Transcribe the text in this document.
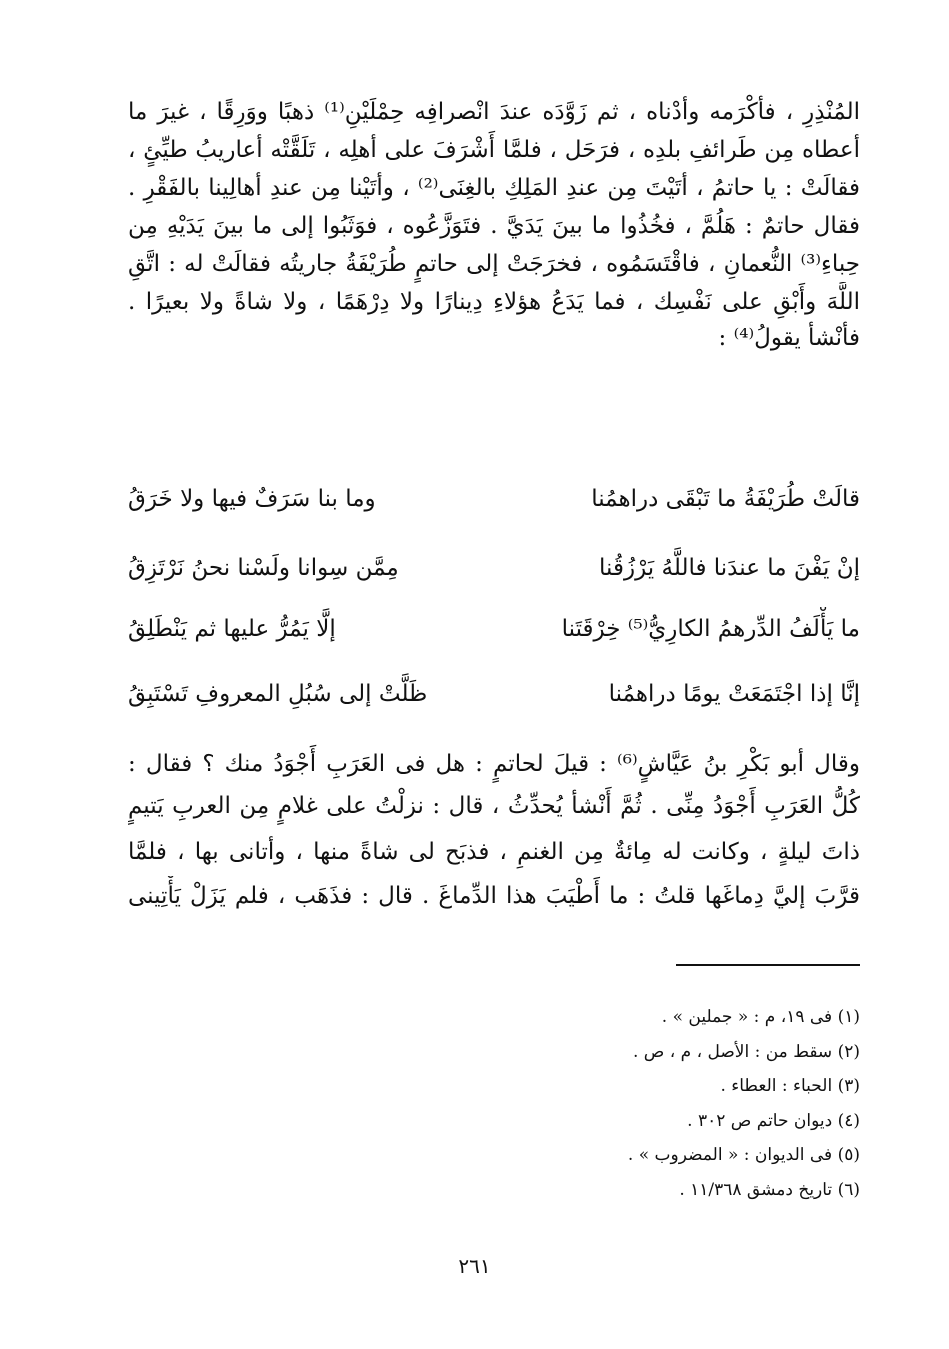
المُنْذِرِ ، فأكْرَمه وأدْناه ، ثم زَوَّدَه عندَ انْصرافِه حِمْلَيْنِ⁽¹⁾ ذهبًا ووَرِقًا ، غيرَ ما
أعطاه مِن طَرائفِ بلدِه ، فرَحَل ، فلمَّا أَشْرَفَ على أهلِه ، تَلَقَّتْه أعاريبُ طيِّئٍ ،
فقالَتْ : يا حاتمُ ، أتَيْتَ مِن عندِ المَلِكِ بالغِنَى⁽²⁾ ، وأتَيْنا مِن عندِ أهالِينا بالفَقْرِ .
فقال حاتمٌ : هَلُمَّ ، فخُذُوا ما بينَ يَدَيَّ . فتَوَزَّعُوه ، فوَثَبُوا إلى ما بينَ يَدَيْهِ مِن
حِباءِ⁽³⁾ النُّعمانِ ، فاقْتَسَمُوه ، فخرَجَتْ إلى حاتمٍ طُرَيْفَةُ جاريتُه فقالَتْ له : اتَّقِ
اللَّهَ وأَبْقِ على نَفْسِك ، فما يَدَعُ هؤلاءِ دِينارًا ولا دِرْهَمًا ، ولا شاةً ولا بعيرًا .
فأنْشأ يقولُ⁽⁴⁾ :
قالَتْ طُرَيْفَةُ ما تَبْقَى دراهمُنا
وما بنا سَرَفٌ فيها ولا خَرَقُ
إنْ يَفْنَ ما عندَنا فاللَّهُ يَرْزُقُنا
مِمَّن سِوانا ولَسْنا نحنُ نَرْتَزِقُ
ما يَأْلَفُ الدِّرهمُ الكارِيُّ⁽⁵⁾ خِرْقَتَنا
إلَّا يَمُرُّ عليها ثم يَنْطَلِقُ
إنَّا إذا اجْتَمَعَتْ يومًا دراهمُنا
ظَلَّتْ إلى سُبُلِ المعروفِ تَسْتَبِقُ
وقال أبو بَكْرِ بنُ عَيَّاشٍ⁽⁶⁾ : قيلَ لحاتمٍ : هل فى العَرَبِ أَجْوَدُ منك ؟ فقال :
كُلُّ العَرَبِ أَجْوَدُ مِنِّى . ثُمَّ أَنْشأ يُحدِّثُ ، قال : نزلْتُ على غلامٍ مِن العربِ يَتيمٍ
ذاتَ ليلةٍ ، وكانت له مِائةٌ مِن الغنمِ ، فذبَح لى شاةً منها ، وأتانى بها ، فلمَّا
قرَّبَ إليَّ دِماغَها قلتُ : ما أَطْيَبَ هذا الدِّماغَ . قال : فذَهَب ، فلم يَزَلْ يَأْتِينى
(١) فى ١٩، م : « جملين » .
(٢) سقط من : الأصل ، م ، ص .
(٣) الحباء : العطاء .
(٤) ديوان حاتم ص ٣٠٢ .
(٥) فى الديوان : « المضروب » .
(٦) تاريخ دمشق ١١/٣٦٨ .
٢٦١
